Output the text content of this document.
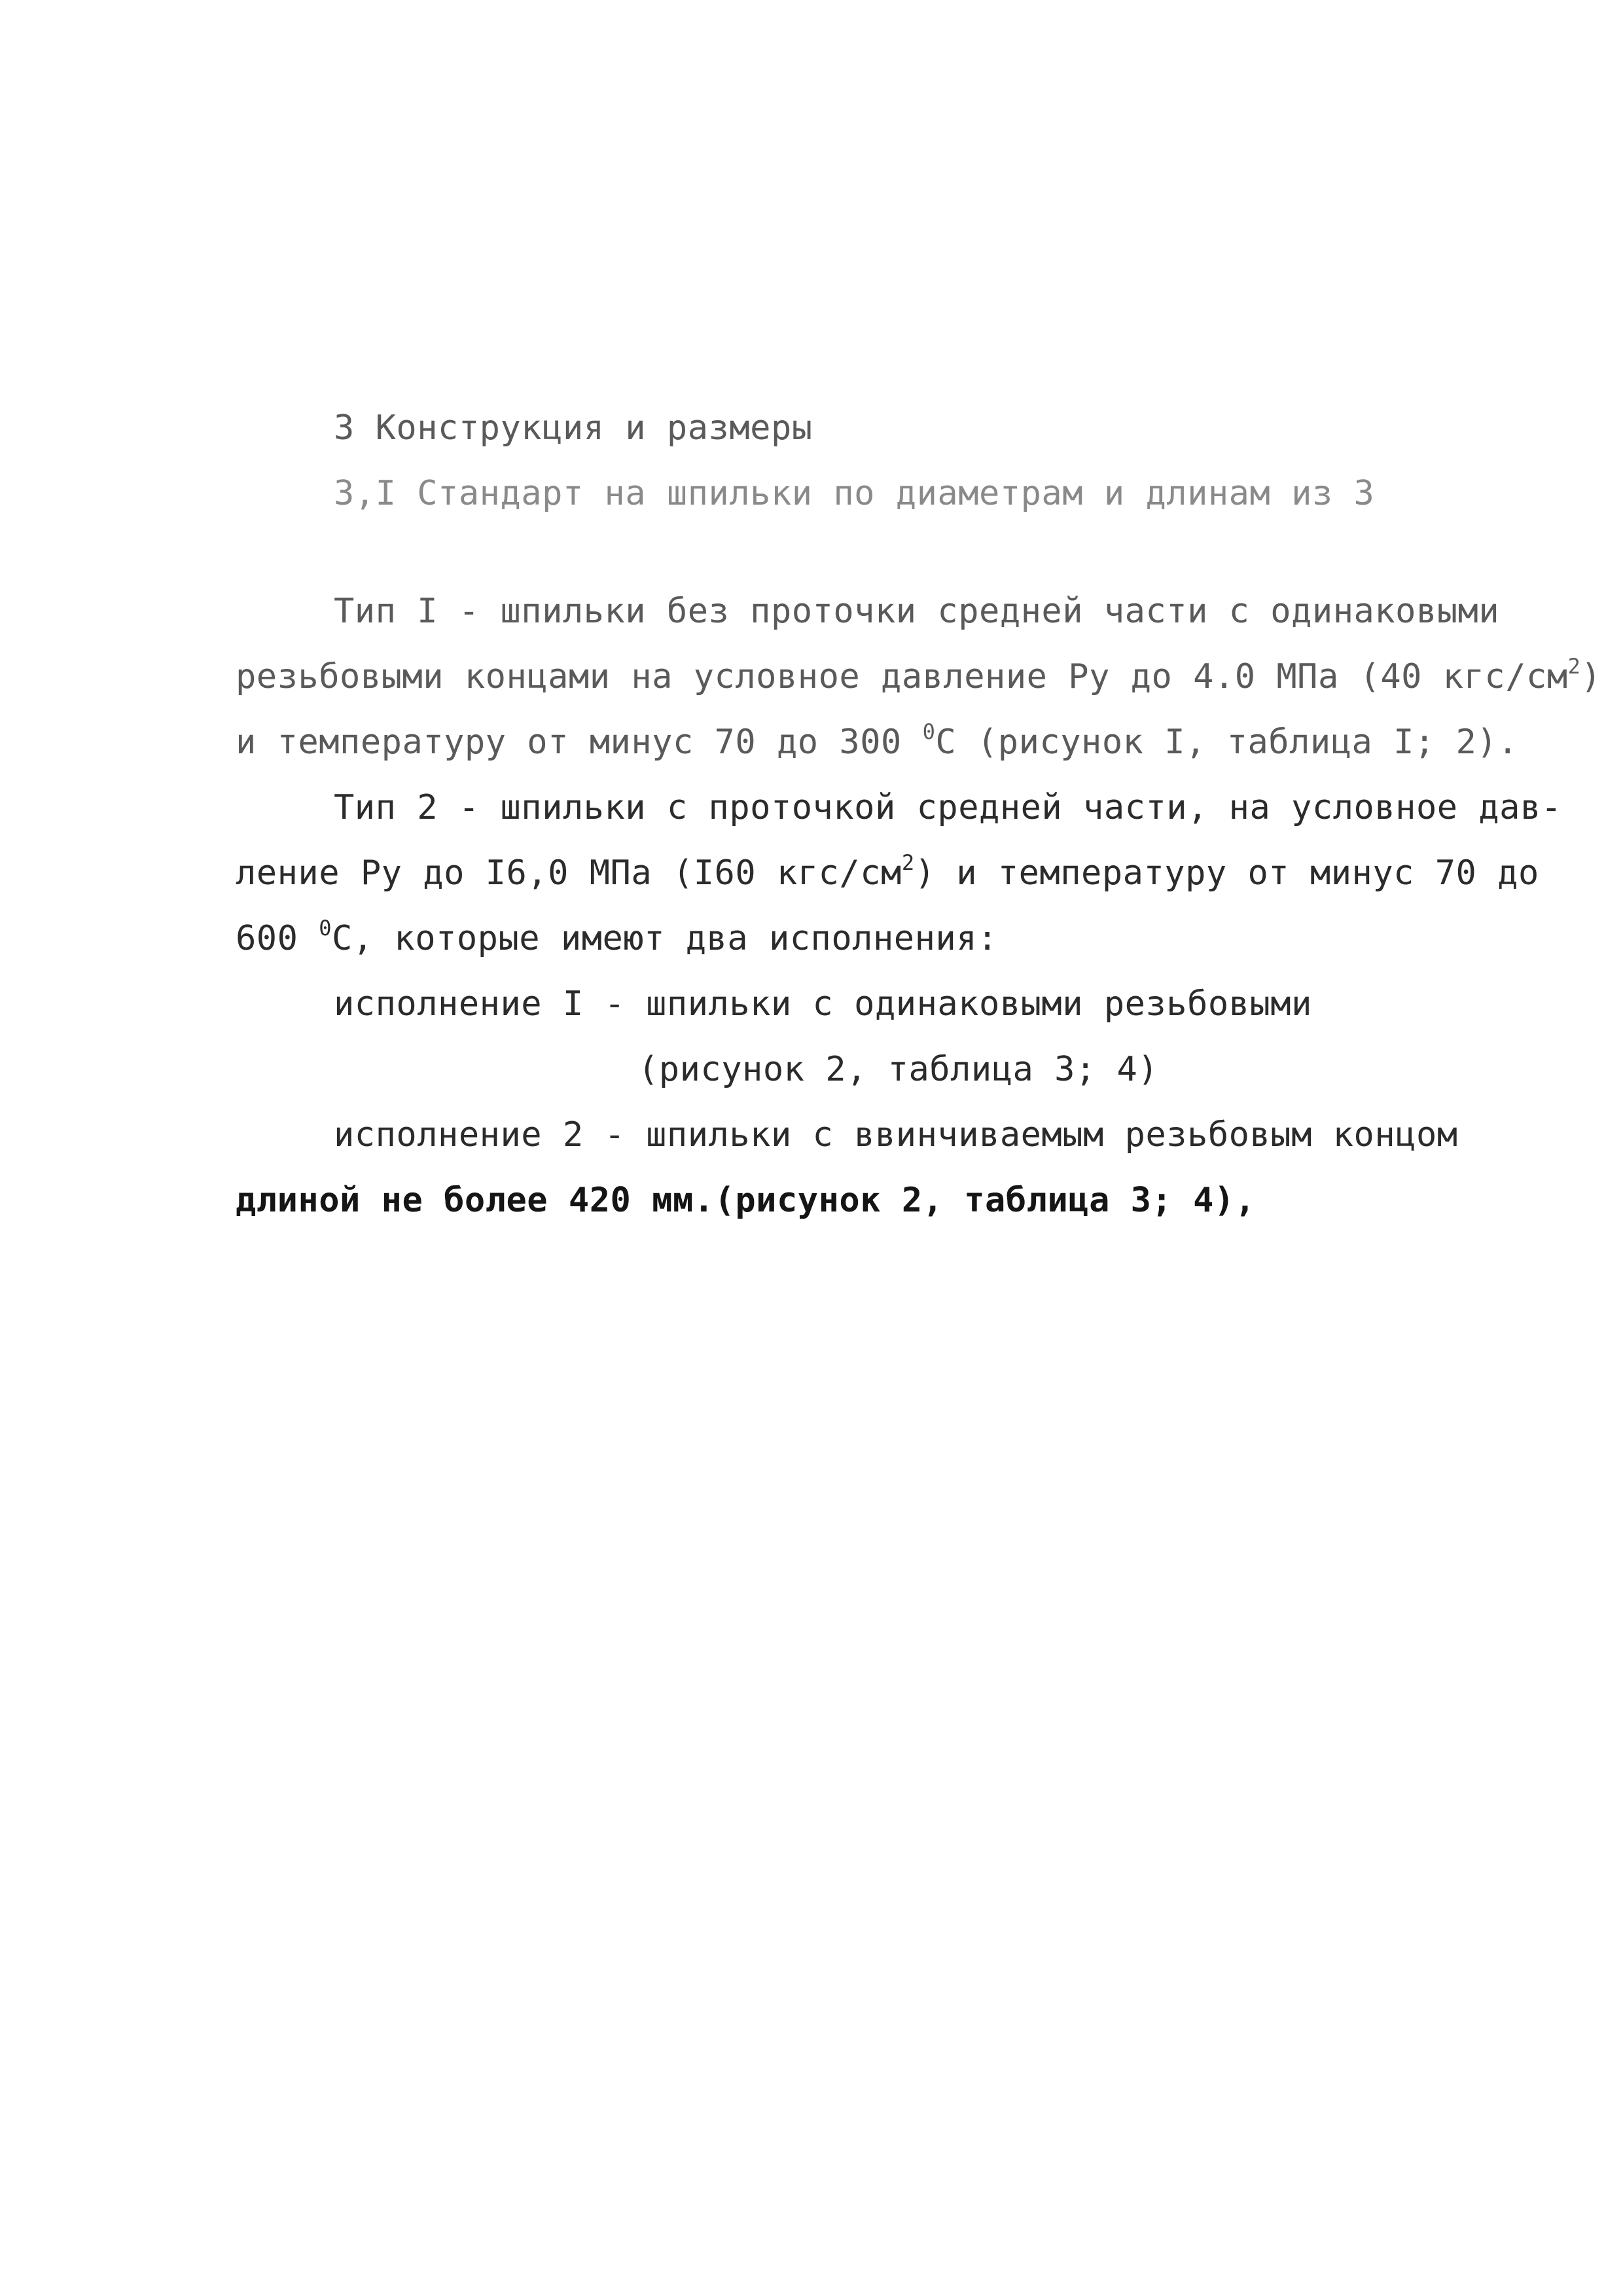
3 Конструкция и размеры
3,I Стандарт на шпильки по диаметрам и длинам из 3
Тип I - шпильки без проточки средней части с одинаковыми
резьбовыми концами на условное давление Ру до 4.0 МПа (40 кгс/$см^2$)
и температуру от минус 70 до 300 $^0$С (рисунок I, таблица I; 2).
Тип 2 - шпильки с проточкой средней части, на условное дав-
ление Ру до I6,0 МПа (I60 кгс/$см^2$) и температуру от минус 70 до
600 $^0$С, которые имеют два исполнения:
исполнение I - шпильки с одинаковыми резьбовыми
(рисунок 2, таблица 3; 4)
исполнение 2 - шпильки с ввинчиваемым резьбовым концом
длиной не более 420 мм.(рисунок 2, таблица 3; 4),
